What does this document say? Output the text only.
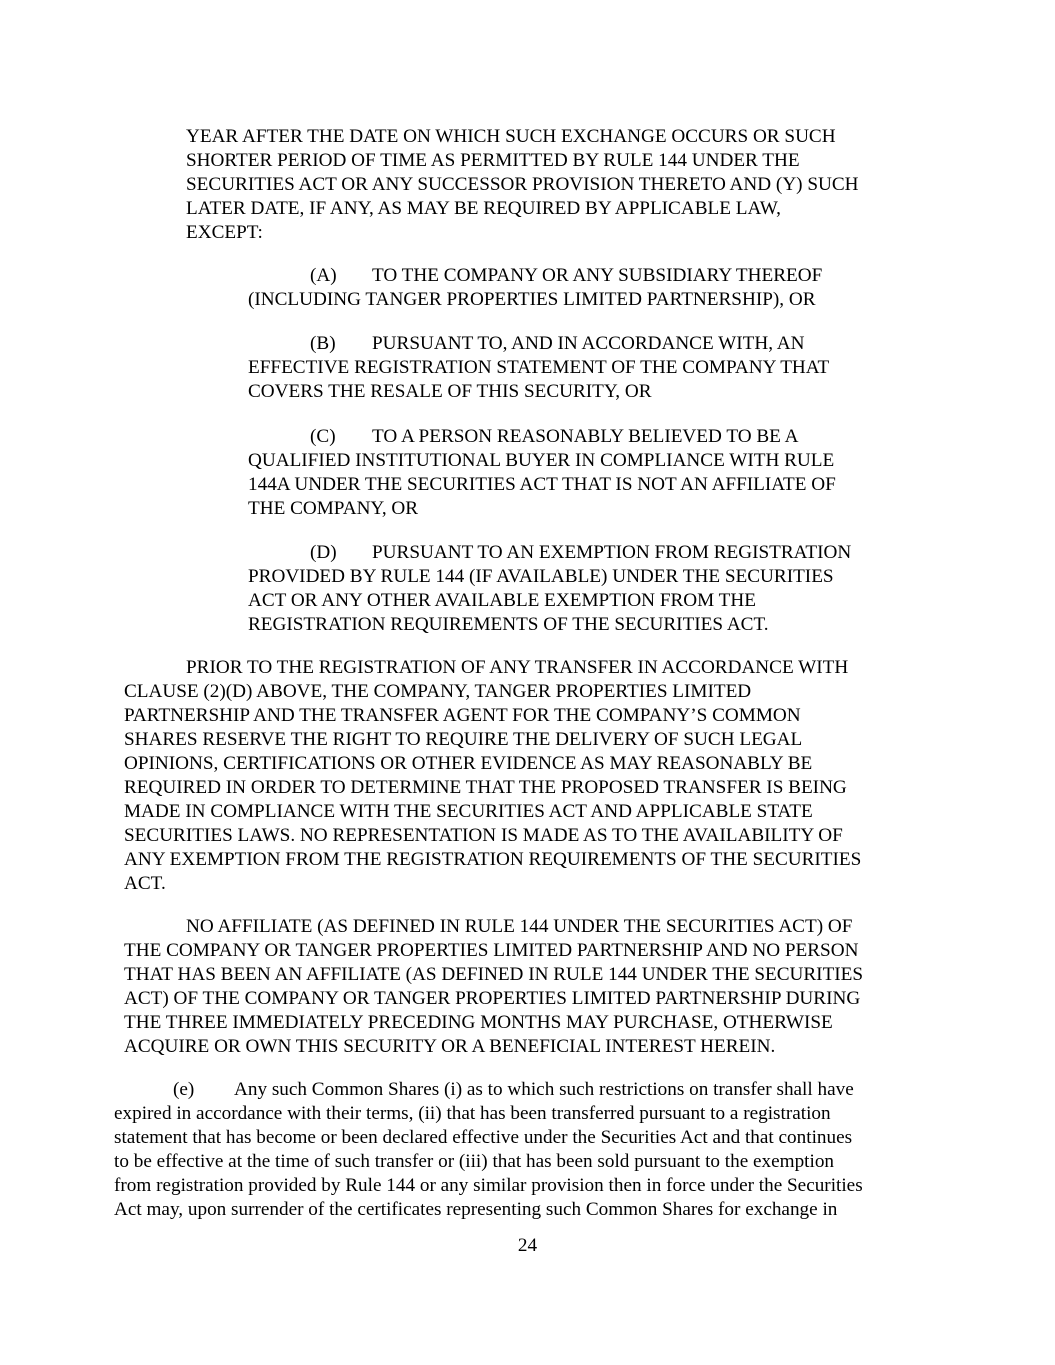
YEAR AFTER THE DATE ON WHICH SUCH EXCHANGE OCCURS OR SUCH

SHORTER PERIOD OF TIME AS PERMITTED BY RULE 144 UNDER THE

SECURITIES ACT OR ANY SUCCESSOR PROVISION THERETO AND (Y) SUCH

LATER DATE, IF ANY, AS MAY BE REQUIRED BY APPLICABLE LAW,

EXCEPT:

(A) TO THE COMPANY OR ANY SUBSIDIARY THEREOF

(INCLUDING TANGER PROPERTIES LIMITED PARTNERSHIP), OR

(B) PURSUANT TO, AND IN ACCORDANCE WITH, AN

EFFECTIVE REGISTRATION STATEMENT OF THE COMPANY THAT

COVERS THE RESALE OF THIS SECURITY, OR

(C) TO A PERSON REASONABLY BELIEVED TO BE A

QUALIFIED INSTITUTIONAL BUYER IN COMPLIANCE WITH RULE

144A UNDER THE SECURITIES ACT THAT IS NOT AN AFFILIATE OF

THE COMPANY, OR

(D) PURSUANT TO AN EXEMPTION FROM REGISTRATION

PROVIDED BY RULE 144 (IF AVAILABLE) UNDER THE SECURITIES

ACT OR ANY OTHER AVAILABLE EXEMPTION FROM THE

REGISTRATION REQUIREMENTS OF THE SECURITIES ACT.

PRIOR TO THE REGISTRATION OF ANY TRANSFER IN ACCORDANCE WITH

CLAUSE (2)(D) ABOVE, THE COMPANY, TANGER PROPERTIES LIMITED

PARTNERSHIP AND THE TRANSFER AGENT FOR THE COMPANY’S COMMON

SHARES RESERVE THE RIGHT TO REQUIRE THE DELIVERY OF SUCH LEGAL

OPINIONS, CERTIFICATIONS OR OTHER EVIDENCE AS MAY REASONABLY BE

REQUIRED IN ORDER TO DETERMINE THAT THE PROPOSED TRANSFER IS BEING

MADE IN COMPLIANCE WITH THE SECURITIES ACT AND APPLICABLE STATE

SECURITIES LAWS. NO REPRESENTATION IS MADE AS TO THE AVAILABILITY OF

ANY EXEMPTION FROM THE REGISTRATION REQUIREMENTS OF THE SECURITIES

ACT.

NO AFFILIATE (AS DEFINED IN RULE 144 UNDER THE SECURITIES ACT) OF

THE COMPANY OR TANGER PROPERTIES LIMITED PARTNERSHIP AND NO PERSON

THAT HAS BEEN AN AFFILIATE (AS DEFINED IN RULE 144 UNDER THE SECURITIES

ACT) OF THE COMPANY OR TANGER PROPERTIES LIMITED PARTNERSHIP DURING

THE THREE IMMEDIATELY PRECEDING MONTHS MAY PURCHASE, OTHERWISE

ACQUIRE OR OWN THIS SECURITY OR A BENEFICIAL INTEREST HEREIN.

(e) Any such Common Shares (i) as to which such restrictions on transfer shall have

expired in accordance with their terms, (ii) that has been transferred pursuant to a registration

statement that has become or been declared effective under the Securities Act and that continues

to be effective at the time of such transfer or (iii) that has been sold pursuant to the exemption

from registration provided by Rule 144 or any similar provision then in force under the Securities

Act may, upon surrender of the certificates representing such Common Shares for exchange in

24
